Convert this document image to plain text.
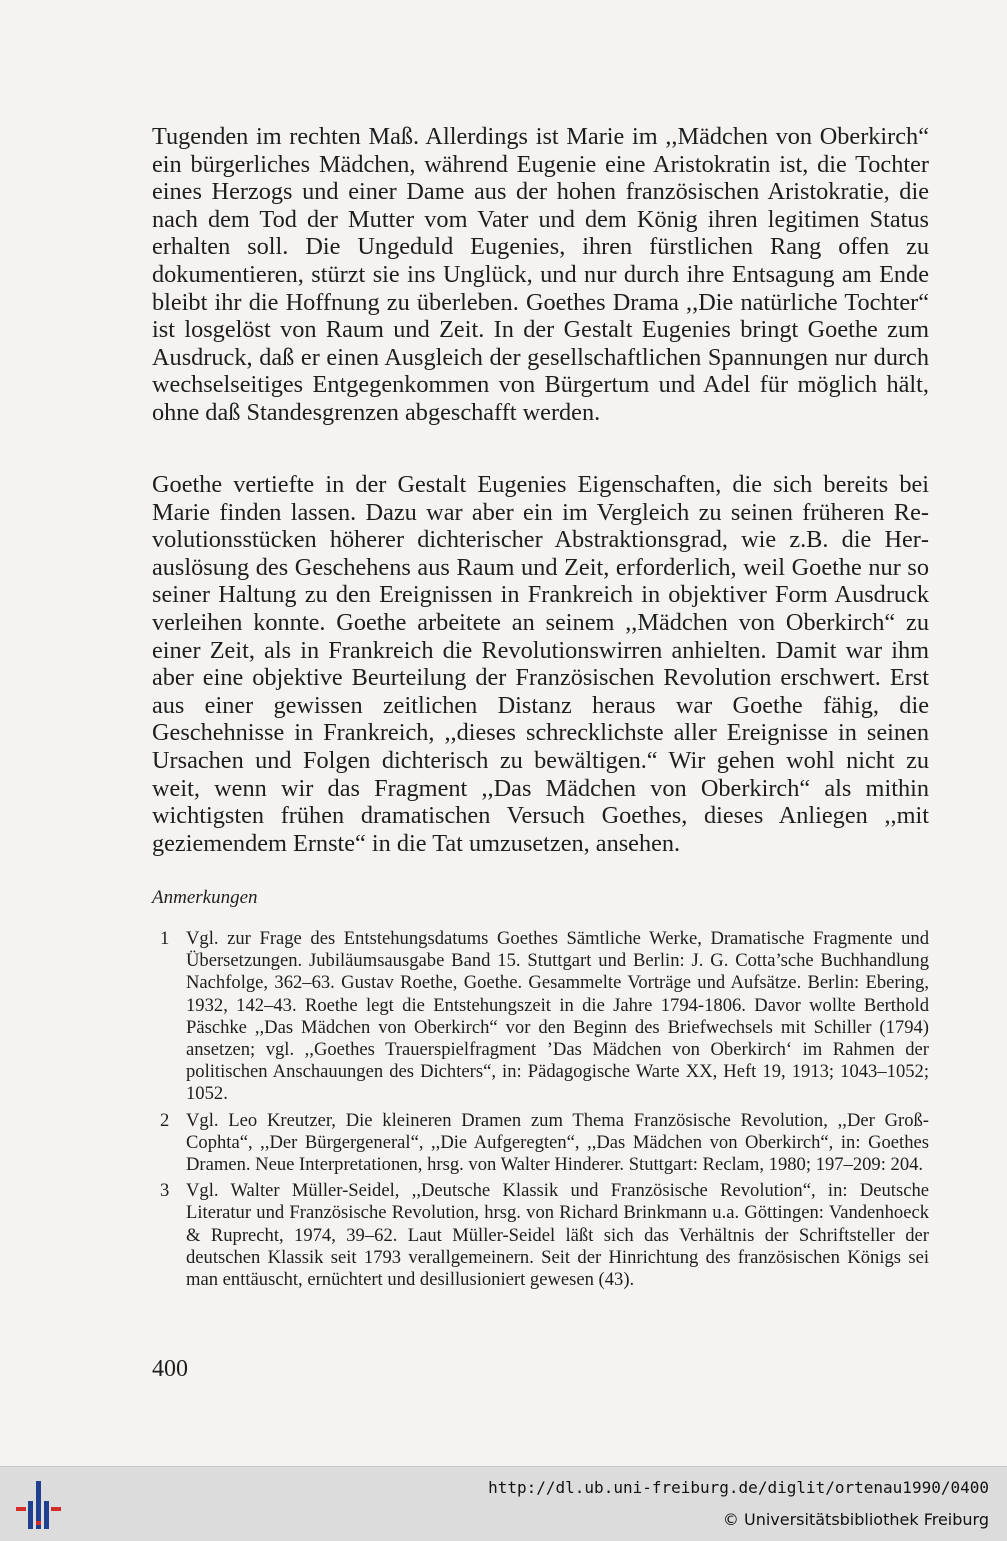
Tugenden im rechten Maß. Allerdings ist Marie im ,,Mädchen von Oberkirch“ ein bürgerliches Mädchen, während Eugenie eine Aristokratin ist, die Tochter eines Herzogs und einer Dame aus der hohen französischen Aristokratie, die nach dem Tod der Mutter vom Vater und dem König ihren legitimen Status erhalten soll. Die Ungeduld Eugenies, ihren fürstlichen Rang offen zu dokumentieren, stürzt sie ins Unglück, und nur durch ihre Entsagung am Ende bleibt ihr die Hoffnung zu überleben. Goethes Drama ,,Die natürliche Tochter“ ist losgelöst von Raum und Zeit. In der Gestalt Eugenies bringt Goethe zum Ausdruck, daß er einen Ausgleich der gesellschaftlichen Spannungen nur durch wechselseitiges Entgegenkommen von Bürgertum und Adel für möglich hält, ohne daß Standesgrenzen abgeschafft werden.
Goethe vertiefte in der Gestalt Eugenies Eigenschaften, die sich bereits bei Marie finden lassen. Dazu war aber ein im Vergleich zu seinen früheren Revolutionsstücken höherer dichterischer Abstraktionsgrad, wie z.B. die Herauslösung des Geschehens aus Raum und Zeit, erforderlich, weil Goethe nur so seiner Haltung zu den Ereignissen in Frankreich in objektiver Form Ausdruck verleihen konnte. Goethe arbeitete an seinem ,,Mädchen von Oberkirch“ zu einer Zeit, als in Frankreich die Revolutionswirren anhielten. Damit war ihm aber eine objektive Beurteilung der Französischen Revolution erschwert. Erst aus einer gewissen zeitlichen Distanz heraus war Goethe fähig, die Geschehnisse in Frankreich, ,,dieses schrecklichste aller Ereignisse in seinen Ursachen und Folgen dichterisch zu bewältigen.“ Wir gehen wohl nicht zu weit, wenn wir das Fragment ,,Das Mädchen von Oberkirch“ als mithin wichtigsten frühen dramatischen Versuch Goethes, dieses Anliegen ,,mit geziemendem Ernste“ in die Tat umzusetzen, ansehen.
Anmerkungen
1 Vgl. zur Frage des Entstehungsdatums Goethes Sämtliche Werke, Dramatische Fragmente und Übersetzungen. Jubiläumsausgabe Band 15. Stuttgart und Berlin: J. G. Cotta’sche Buchhandlung Nachfolge, 362–63. Gustav Roethe, Goethe. Gesammelte Vorträge und Aufsätze. Berlin: Ebering, 1932, 142–43. Roethe legt die Entstehungszeit in die Jahre 1794-1806. Davor wollte Berthold Päschke ,,Das Mädchen von Oberkirch“ vor den Beginn des Briefwechsels mit Schiller (1794) ansetzen; vgl. ,,Goethes Trauerspielfragment ’Das Mädchen von Oberkirch‘ im Rahmen der politischen Anschauungen des Dichters“, in: Pädagogische Warte XX, Heft 19, 1913; 1043–1052; 1052.
2 Vgl. Leo Kreutzer, Die kleineren Dramen zum Thema Französische Revolution, ,,Der Groß-Cophta“, ,,Der Bürgergeneral“, ,,Die Aufgeregten“, ,,Das Mädchen von Oberkirch“, in: Goethes Dramen. Neue Interpretationen, hrsg. von Walter Hinderer. Stuttgart: Reclam, 1980; 197–209: 204.
3 Vgl. Walter Müller-Seidel, ,,Deutsche Klassik und Französische Revolution“, in: Deutsche Literatur und Französische Revolution, hrsg. von Richard Brinkmann u.a. Göttingen: Vandenhoeck & Ruprecht, 1974, 39–62. Laut Müller-Seidel läßt sich das Verhältnis der Schriftsteller der deutschen Klassik seit 1793 verallgemeinern. Seit der Hinrichtung des französischen Königs sei man enttäuscht, ernüchtert und desillusioniert gewesen (43).
400
http://dl.ub.uni-freiburg.de/diglit/ortenau1990/0400
© Universitätsbibliothek Freiburg
